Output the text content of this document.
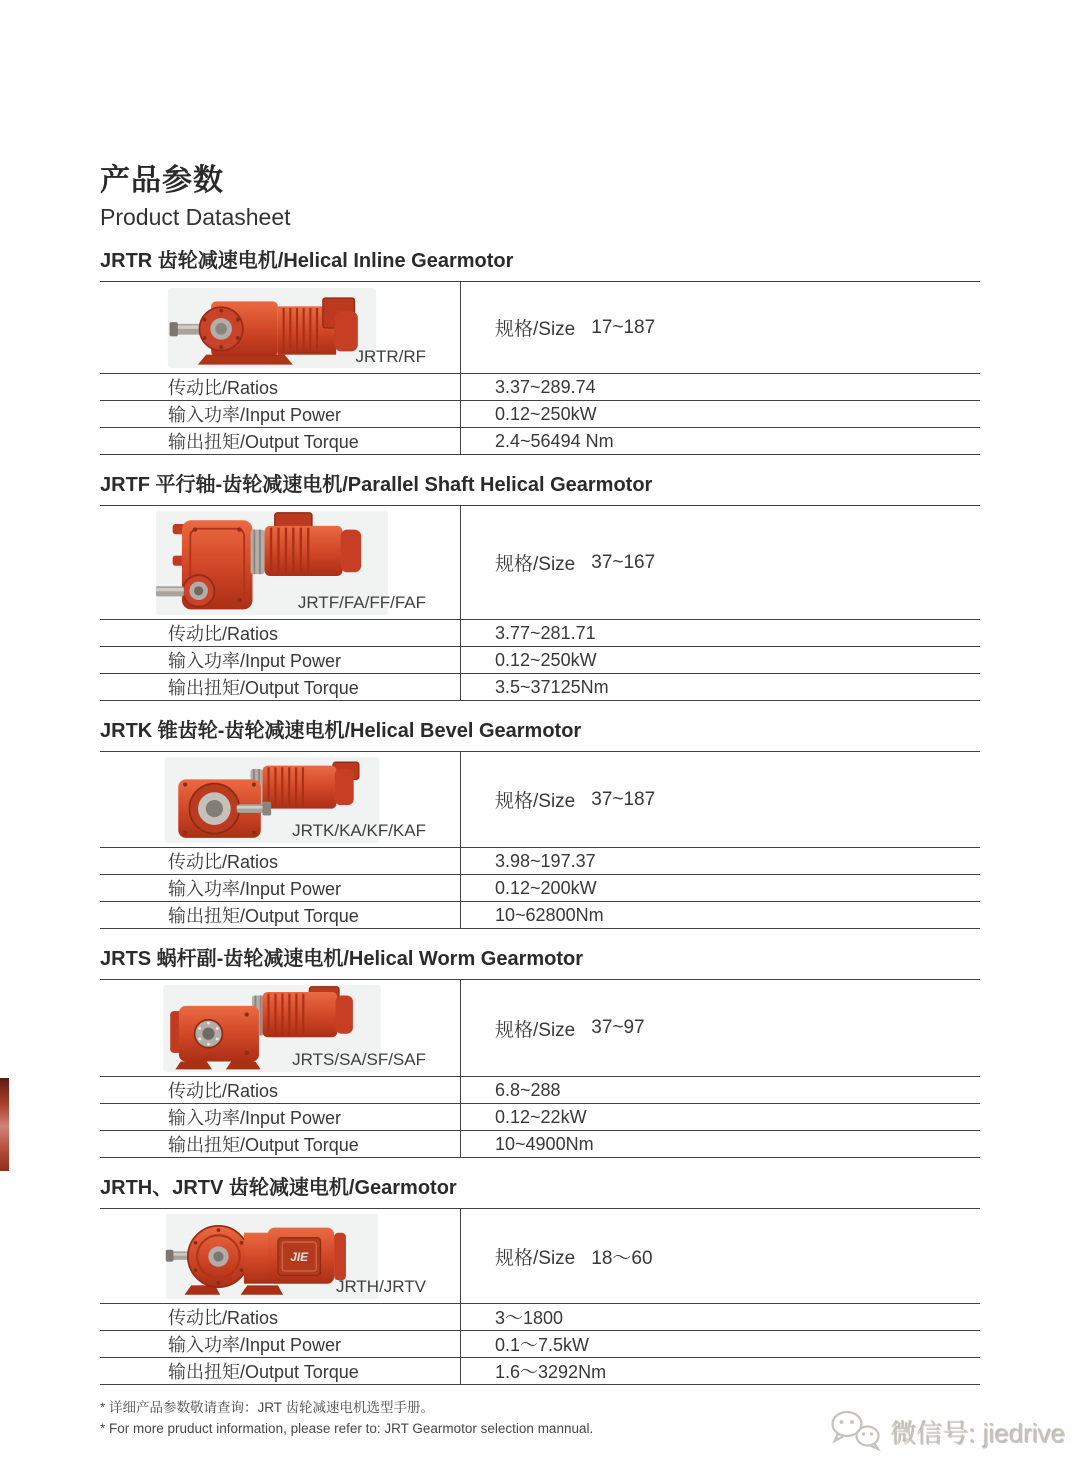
产品参数
Product Datasheet
JRTR 齿轮减速电机/Helical Inline Gearmotor
JRTR/RF
规格/Size 17~187
传动比/Ratios	3.37~289.74
输入功率/Input Power	0.12~250kW
输出扭矩/Output Torque	2.4~56494 Nm
JRTF 平行轴-齿轮减速电机/Parallel Shaft Helical Gearmotor
JRTF/FA/FF/FAF
规格/Size 37~167
传动比/Ratios	3.77~281.71
输入功率/Input Power	0.12~250kW
输出扭矩/Output Torque	3.5~37125Nm
JRTK 锥齿轮-齿轮减速电机/Helical Bevel Gearmotor
JRTK/KA/KF/KAF
规格/Size 37~187
传动比/Ratios	3.98~197.37
输入功率/Input Power	0.12~200kW
输出扭矩/Output Torque	10~62800Nm
JRTS 蜗杆副-齿轮减速电机/Helical Worm Gearmotor
JRTS/SA/SF/SAF
规格/Size 37~97
传动比/Ratios	6.8~288
输入功率/Input Power	0.12~22kW
输出扭矩/Output Torque	10~4900Nm
JRTH、JRTV 齿轮减速电机/Gearmotor
JIE
JRTH/JRTV
规格/Size 18～60
传动比/Ratios	3～1800
输入功率/Input Power	0.1～7.5kW
输出扭矩/Output Torque	1.6～3292Nm

* 详细产品参数敬请查询：JRT 齿轮减速电机选型手册。

* For more pruduct information, please refer to: JRT Gearmotor selection mannual.	微信号: jiedrive
